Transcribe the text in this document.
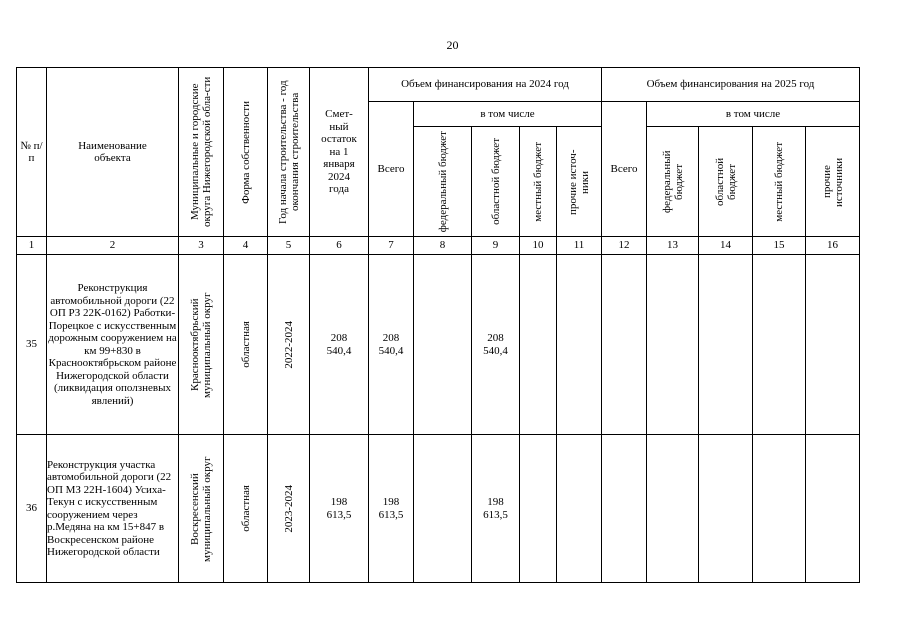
20
№ п/п	Наименование объекта	Муниципальные и городские округа Нижегородской обла-сти	Форма собственности	Год начала строительства - год окончания строительства	Смет-ный остаток на 1 января 2024 года	Объем финансирования на 2024 год					Объем финансирования на 2025 год				
						Всего	в том числе				Всего	в том числе			

							федеральный бюджет	областной бюджет	местный бюджет	прочие источ-ники		федеральный бюджет	областной бюджет	местный бюджет	прочие источники

1	2	3	4	5	6	7	8	9	10	11	12	13	14	15	16
35	Реконструкция автомобильной дороги (22 ОП РЗ 22К-0162) Работки-Порецкое с искусственным дорожным сооружением на км 99+830 в Краснооктябрьском районе Нижегородской области (ликвидация оползневых явлений)	Краснооктябрьский муниципальный округ	областная	2022-2024	208 540,4	208 540,4		208 540,4							
36	Реконструкция участка автомобильной дороги (22 ОП МЗ 22Н-1604) Усиха-Текун с искусственным сооружением через р.Медяна на км 15+847 в Воскресенском районе Нижегородской области	Воскресенский муниципальный округ	областная	2023-2024	198 613,5	198 613,5		198 613,5							
